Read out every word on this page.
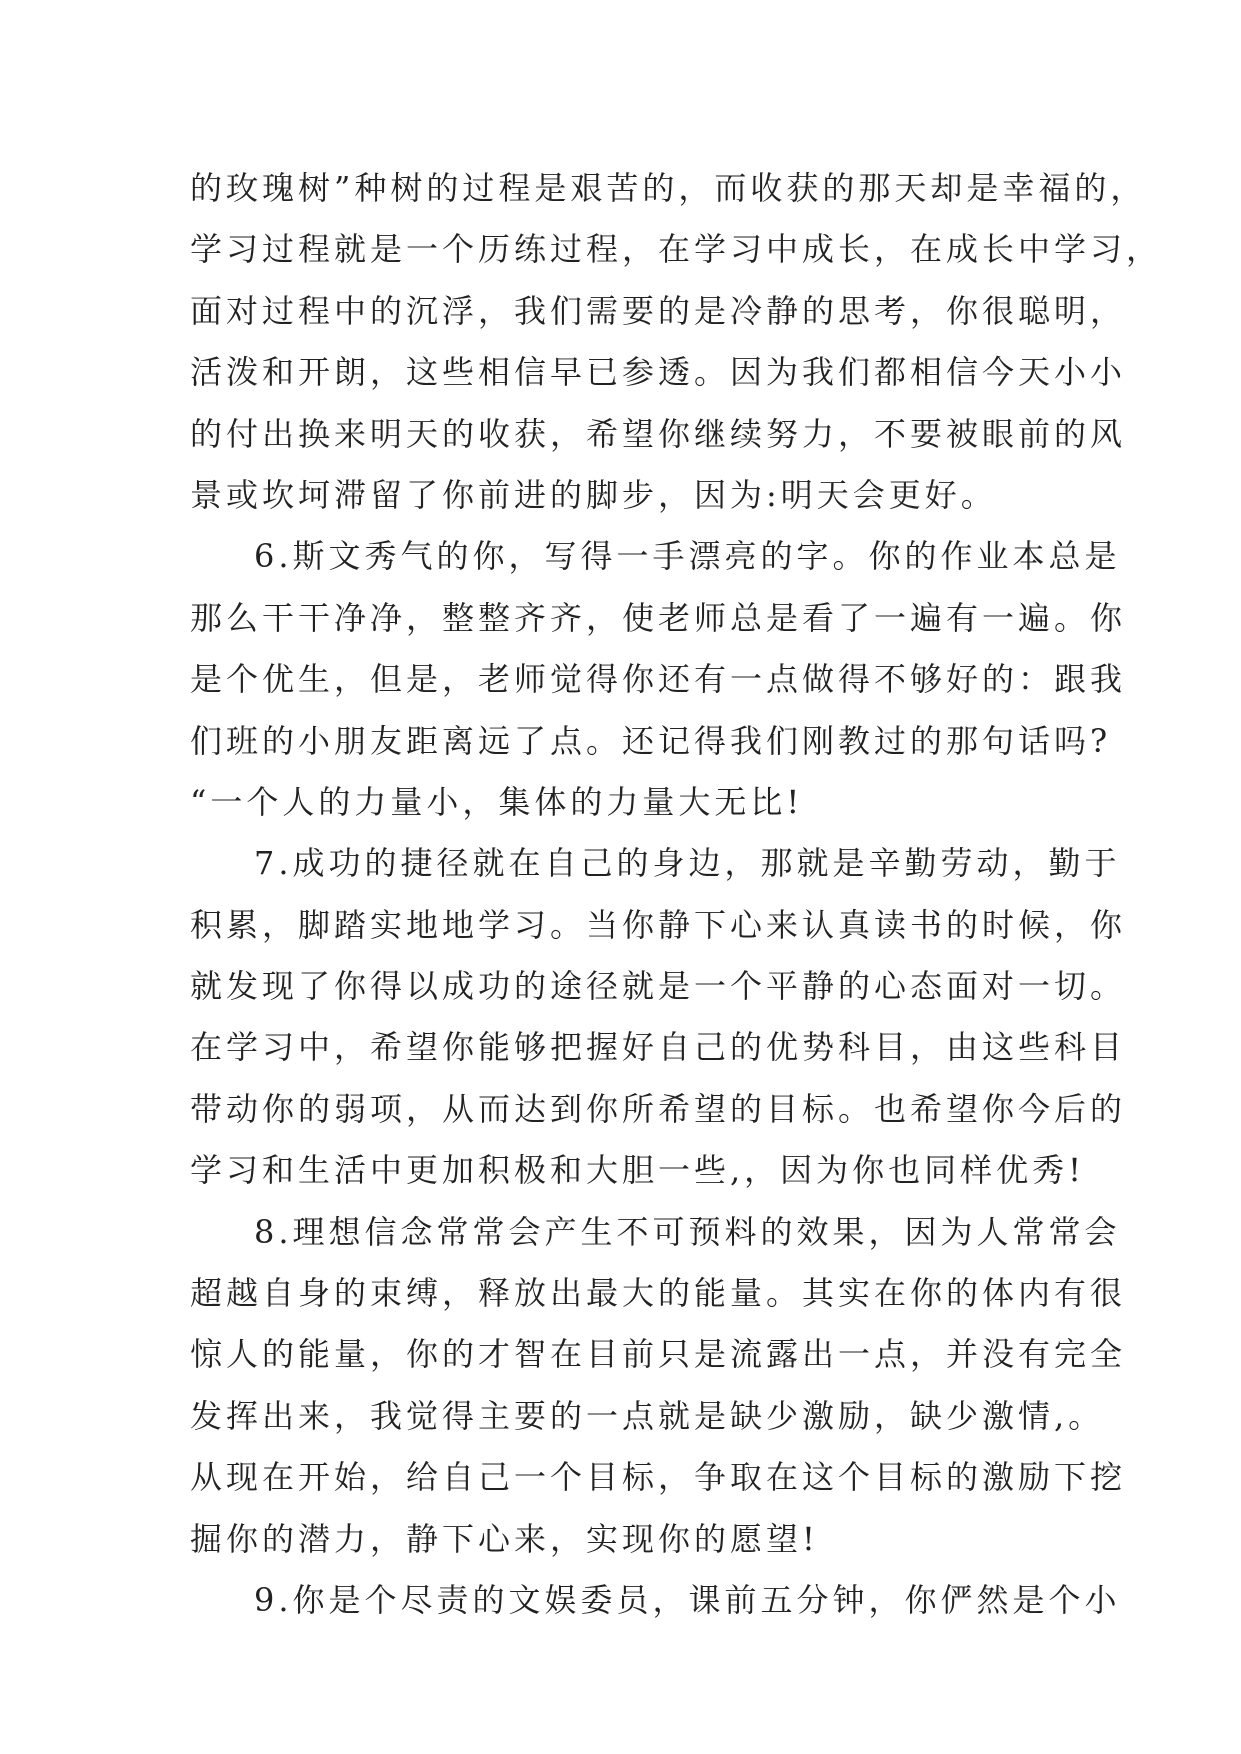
的玫瑰树”种树的过程是艰苦的，而收获的那天却是幸福的，
学习过程就是一个历练过程，在学习中成长，在成长中学习，
面对过程中的沉浮，我们需要的是冷静的思考，你很聪明，
活泼和开朗，这些相信早已参透。因为我们都相信今天小小
的付出换来明天的收获，希望你继续努力，不要被眼前的风
景或坎坷滞留了你前进的脚步，因为:明天会更好。
6.斯文秀气的你，写得一手漂亮的字。你的作业本总是
那么干干净净，整整齐齐，使老师总是看了一遍有一遍。你
是个优生，但是，老师觉得你还有一点做得不够好的：跟我
们班的小朋友距离远了点。还记得我们刚教过的那句话吗?
“一个人的力量小，集体的力量大无比!
7.成功的捷径就在自己的身边，那就是辛勤劳动，勤于
积累，脚踏实地地学习。当你静下心来认真读书的时候，你
就发现了你得以成功的途径就是一个平静的心态面对一切。
在学习中，希望你能够把握好自己的优势科目，由这些科目
带动你的弱项，从而达到你所希望的目标。也希望你今后的
学习和生活中更加积极和大胆一些,，因为你也同样优秀!
8.理想信念常常会产生不可预料的效果，因为人常常会
超越自身的束缚，释放出最大的能量。其实在你的体内有很
惊人的能量，你的才智在目前只是流露出一点，并没有完全
发挥出来，我觉得主要的一点就是缺少激励，缺少激情,。
从现在开始，给自己一个目标，争取在这个目标的激励下挖
掘你的潜力，静下心来，实现你的愿望!
9.你是个尽责的文娱委员，课前五分钟，你俨然是个小
